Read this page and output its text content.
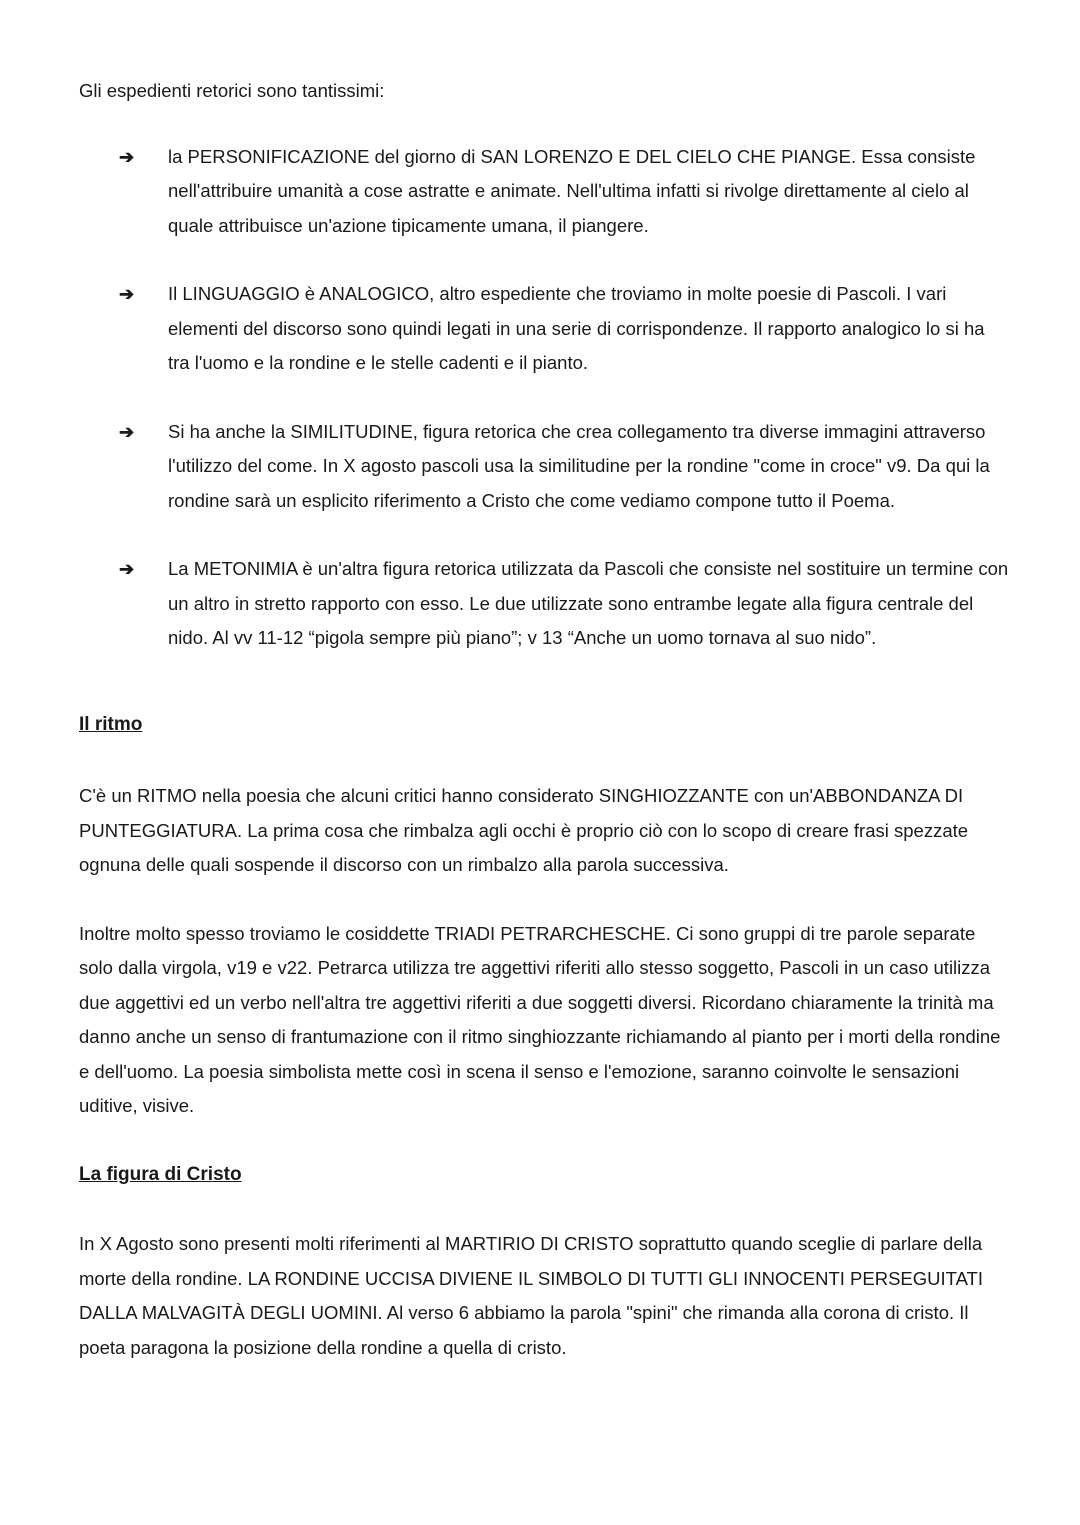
Gli espedienti retorici sono tantissimi:

➔ la PERSONIFICAZIONE del giorno di SAN LORENZO E DEL CIELO CHE PIANGE. Essa consiste nell'attribuire umanità a cose astratte e animate. Nell'ultima infatti si rivolge direttamente al cielo al quale attribuisce un'azione tipicamente umana, il piangere.
➔ Il LINGUAGGIO è ANALOGICO, altro espediente che troviamo in molte poesie di Pascoli. I vari elementi del discorso sono quindi legati in una serie di corrispondenze. Il rapporto analogico lo si ha tra l'uomo e la rondine e le stelle cadenti e il pianto.
➔ Si ha anche la SIMILITUDINE, figura retorica che crea collegamento tra diverse immagini attraverso l'utilizzo del come. In X agosto pascoli usa la similitudine per la rondine "come in croce" v9. Da qui la rondine sarà un esplicito riferimento a Cristo che come vediamo compone tutto il Poema.
➔ La METONIMIA è un'altra figura retorica utilizzata da Pascoli che consiste nel sostituire un termine con un altro in stretto rapporto con esso. Le due utilizzate sono entrambe legate alla figura centrale del nido. Al vv 11-12 “pigola sempre più piano”; v 13 “Anche un uomo tornava al suo nido”.
Il ritmo

C'è un RITMO nella poesia che alcuni critici hanno considerato SINGHIOZZANTE con un'ABBONDANZA DI PUNTEGGIATURA. La prima cosa che rimbalza agli occhi è proprio ciò con lo scopo di creare frasi spezzate ognuna delle quali sospende il discorso con un rimbalzo alla parola successiva.

Inoltre molto spesso troviamo le cosiddette TRIADI PETRARCHESCHE. Ci sono gruppi di tre parole separate solo dalla virgola, v19 e v22. Petrarca utilizza tre aggettivi riferiti allo stesso soggetto, Pascoli in un caso utilizza due aggettivi ed un verbo nell'altra tre aggettivi riferiti a due soggetti diversi. Ricordano chiaramente la trinità ma danno anche un senso di frantumazione con il ritmo singhiozzante richiamando al pianto per i morti della rondine e dell'uomo. La poesia simbolista mette così in scena il senso e l'emozione, saranno coinvolte le sensazioni uditive, visive.

La figura di Cristo

In X Agosto sono presenti molti riferimenti al MARTIRIO DI CRISTO soprattutto quando sceglie di parlare della morte della rondine. LA RONDINE UCCISA DIVIENE IL SIMBOLO DI TUTTI GLI INNOCENTI PERSEGUITATI DALLA MALVAGITÀ DEGLI UOMINI. Al verso 6 abbiamo la parola "spini" che rimanda alla corona di cristo. Il poeta paragona la posizione della rondine a quella di cristo.
